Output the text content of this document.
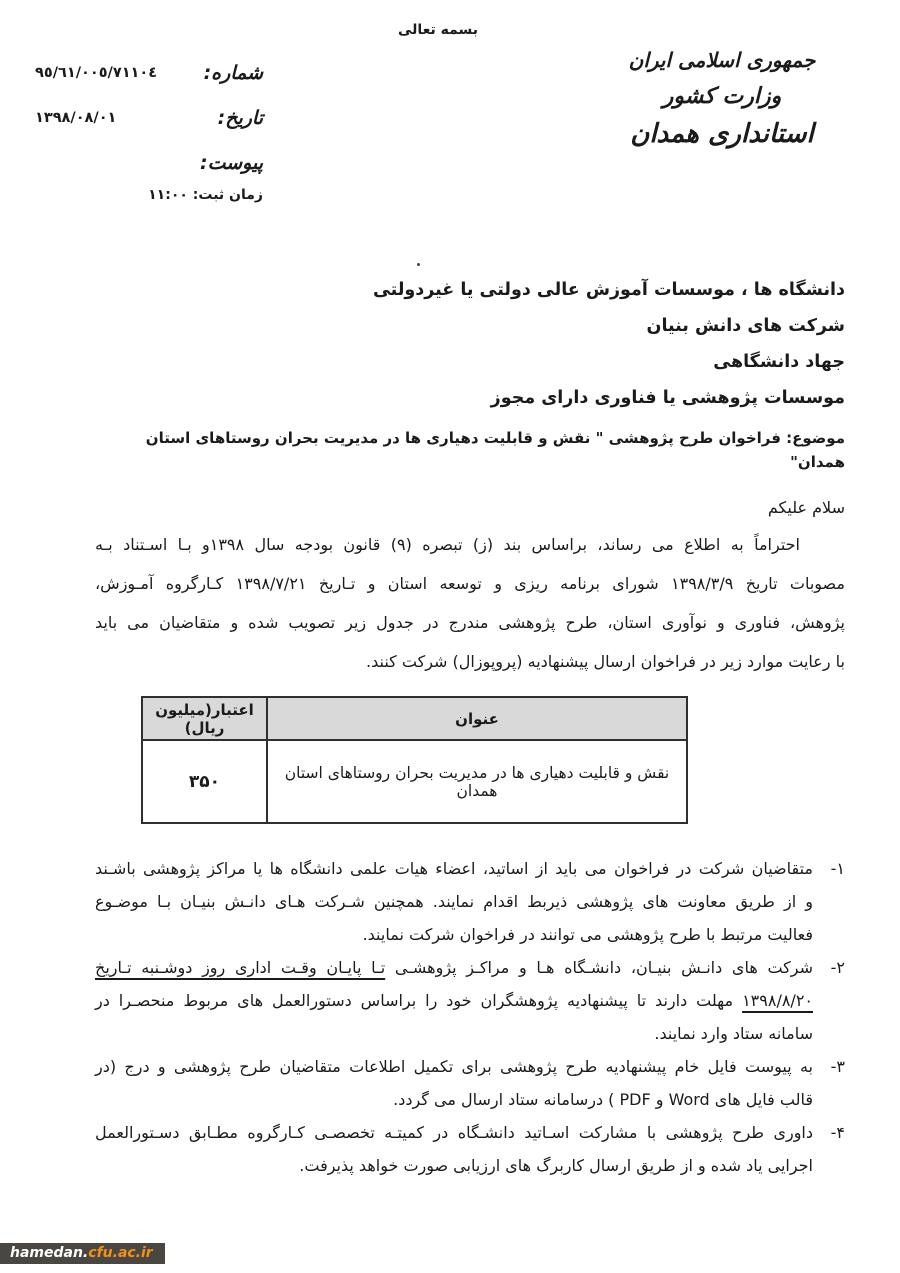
بسمه تعالی
جمهوری اسلامی ایران
وزارت کشور
استانداری همدان
شماره:
٩٥/٦١/٠٠٥/٧١١٠٤
تاریخ:
١٣٩٨/٠٨/٠١
پیوست:
زمان ثبت: ١١:٠٠
دانشگاه ها ، موسسات آموزش عالی دولتی یا غیردولتی
شرکت های دانش بنیان
جهاد دانشگاهی
موسسات پژوهشی یا فناوری دارای مجوز
موضوع: فراخوان طرح پژوهشی " نقش و قابلیت دهیاری ها در مدیریت بحران روستاهای استان همدان"
سلام علیکم
احتراماً به اطلاع می رساند، براساس بند (ز) تبصره (۹) قانون بودجه سال ۱۳۹۸و بـا اسـتناد بـه
مصوبات تاریخ ۱۳۹۸/۳/۹ شورای برنامه ریزی و توسعه استان و تـاریخ ۱۳۹۸/۷/۲۱ کـارگروه آمـوزش،
پژوهش، فناوری و نوآوری استان، طرح پژوهشی مندرج در جدول زیر تصویب شده و متقاضیان می باید
با رعایت موارد زیر در فراخوان ارسال پیشنهادیه (پروپوزال) شرکت کنند.
عنوان	اعتبار(میلیون ریال)
نقش و قابلیت دهیاری ها در مدیریت بحران روستاهای استان همدان	۳۵۰
۱-
متقاضیان شرکت در فراخوان می باید از اساتید، اعضاء هیات علمی دانشگاه ها یا مراکز پژوهشی باشـند
و از طریق معاونت های پژوهشی ذیربط اقدام نمایند. همچنین شـرکت هـای دانـش بنیـان بـا موضـوع
فعالیت مرتبط با طرح پژوهشی می توانند در فراخوان شرکت نمایند.
۲-
شرکت های دانـش بنیـان، دانشـگاه هـا و مراکـز پژوهشـی تـا پایـان وقـت اداری روز دوشـنبه تـاریخ
۱۳۹۸/۸/۲۰ مهلت دارند تا پیشنهادیه پژوهشگران خود را براساس دستورالعمل های مربوط منحصـرا در
سامانه ستاد وارد نمایند.
۳-
به پیوست فایل خام پیشنهادیه طرح پژوهشی برای تکمیل اطلاعات متقاضیان طرح پژوهشی و درج (در
قالب فایل های Word و PDF ) درسامانه ستاد ارسال می گردد.
۴-
داوری طرح پژوهشی با مشارکت اسـاتید دانشـگاه در کمیتـه تخصصـی کـارگروه مطـابق دسـتورالعمل
اجرایی یاد شده و از طریق ارسال کاربرگ های ارزیابی صورت خواهد پذیرفت.
hamedan. cfu.ac.ir
